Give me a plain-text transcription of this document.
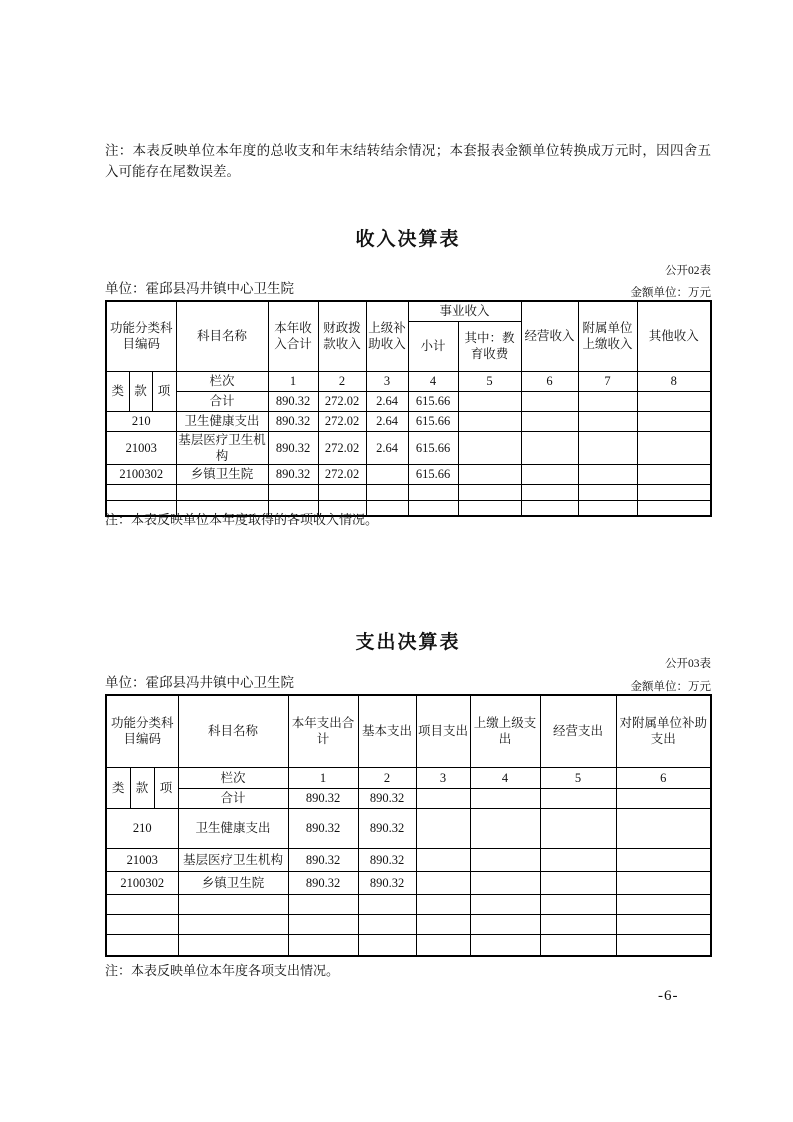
注：本表反映单位本年度的总收支和年末结转结余情况；本套报表金额单位转换成万元时，因四舍五入可能存在尾数误差。
收入决算表
公开02表
单位：霍邱县冯井镇中心卫生院	金额单位：万元
功能分类科目编码			科目名称	本年收入合计	财政拨款收入	上级补助收入	事业收入		经营收入	附属单位上缴收入	其他收入
							小计	其中：教育收费			
类	款	项	栏次	1	2	3	4	5	6	7	8
			合计	890.32	272.02	2.64	615.66				
210			卫生健康支出	890.32	272.02	2.64	615.66				
21003			基层医疗卫生机构	890.32	272.02	2.64	615.66				
2100302			乡镇卫生院	890.32	272.02		615.66				

注：本表反映单位本年度取得的各项收入情况。
支出决算表
公开03表
单位：霍邱县冯井镇中心卫生院	金额单位：万元
功能分类科目编码			科目名称	本年支出合计	基本支出	项目支出	上缴上级支出	经营支出	对附属单位补助支出
类	款	项	栏次	1	2	3	4	5	6
			合计	890.32	890.32				
210			卫生健康支出	890.32	890.32				
21003			基层医疗卫生机构	890.32	890.32				
2100302			乡镇卫生院	890.32	890.32				

注：本表反映单位本年度各项支出情况。
-6-
